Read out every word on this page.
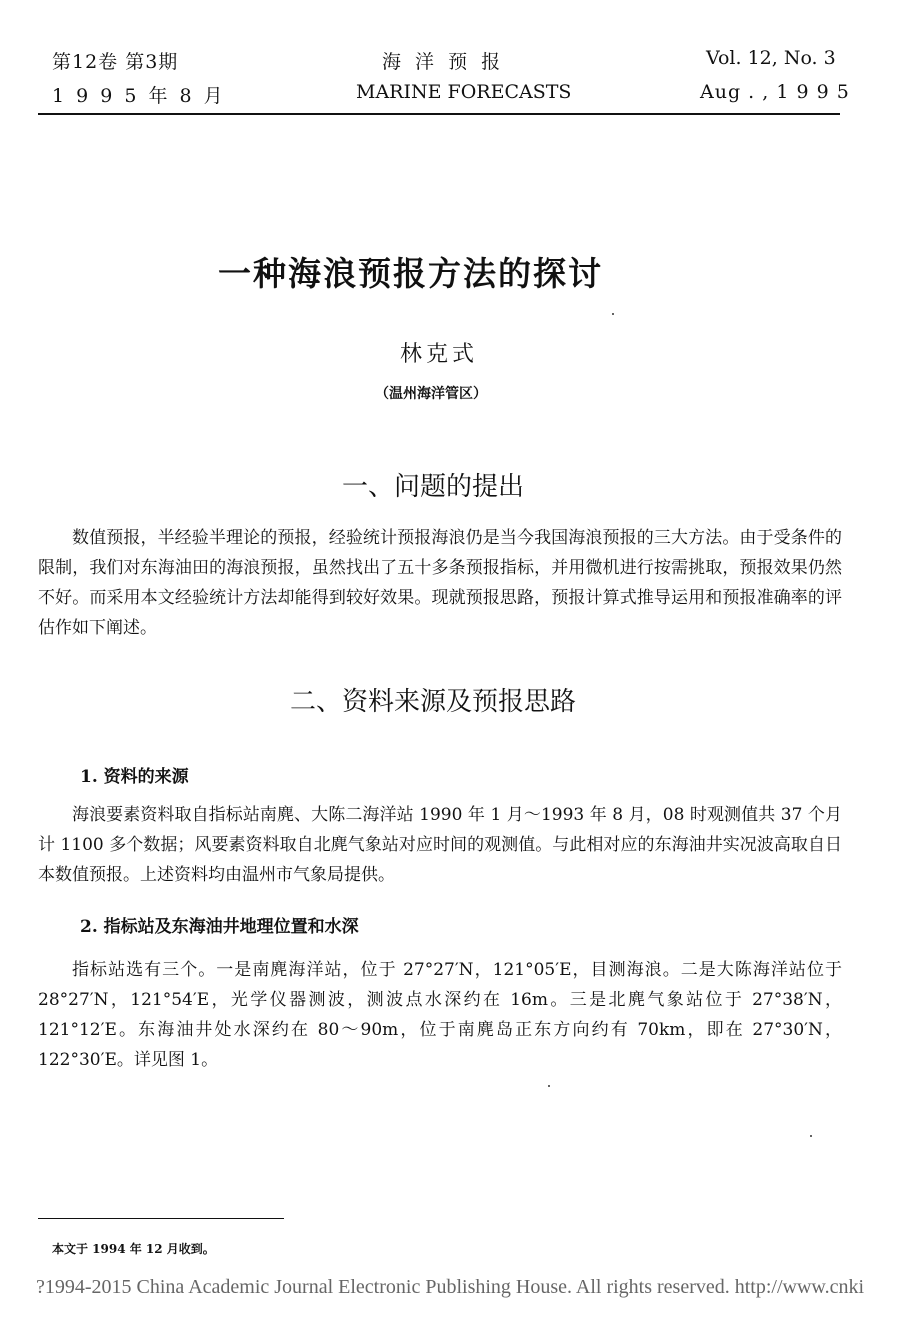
第12卷 第3期
1 9 9 5 年 8 月
海 洋 预 报
MARINE FORECASTS
Vol. 12, No. 3
Aug . , 1 9 9 5
一种海浪预报方法的探讨
林克式
（温州海洋管区）
一、问题的提出
数值预报，半经验半理论的预报，经验统计预报海浪仍是当今我国海浪预报的三大方法。由于受条件的限制，我们对东海油田的海浪预报，虽然找出了五十多条预报指标，并用微机进行按需挑取，预报效果仍然不好。而采用本文经验统计方法却能得到较好效果。现就预报思路，预报计算式推导运用和预报准确率的评估作如下阐述。
二、资料来源及预报思路
1. 资料的来源
海浪要素资料取自指标站南麂、大陈二海洋站 1990 年 1 月～1993 年 8 月，08 时观测值共 37 个月计 1100 多个数据；风要素资料取自北麂气象站对应时间的观测值。与此相对应的东海油井实况波高取自日本数值预报。上述资料均由温州市气象局提供。
2. 指标站及东海油井地理位置和水深
指标站选有三个。一是南麂海洋站，位于 27°27′N，121°05′E，目测海浪。二是大陈海洋站位于 28°27′N，121°54′E，光学仪器测波，测波点水深约在 16m。三是北麂气象站位于 27°38′N，121°12′E。东海油井处水深约在 80～90m，位于南麂岛正东方向约有 70km，即在 27°30′N，122°30′E。详见图 1。
本文于 1994 年 12 月收到。
?1994-2015 China Academic Journal Electronic Publishing House. All rights reserved. http://www.cnki
